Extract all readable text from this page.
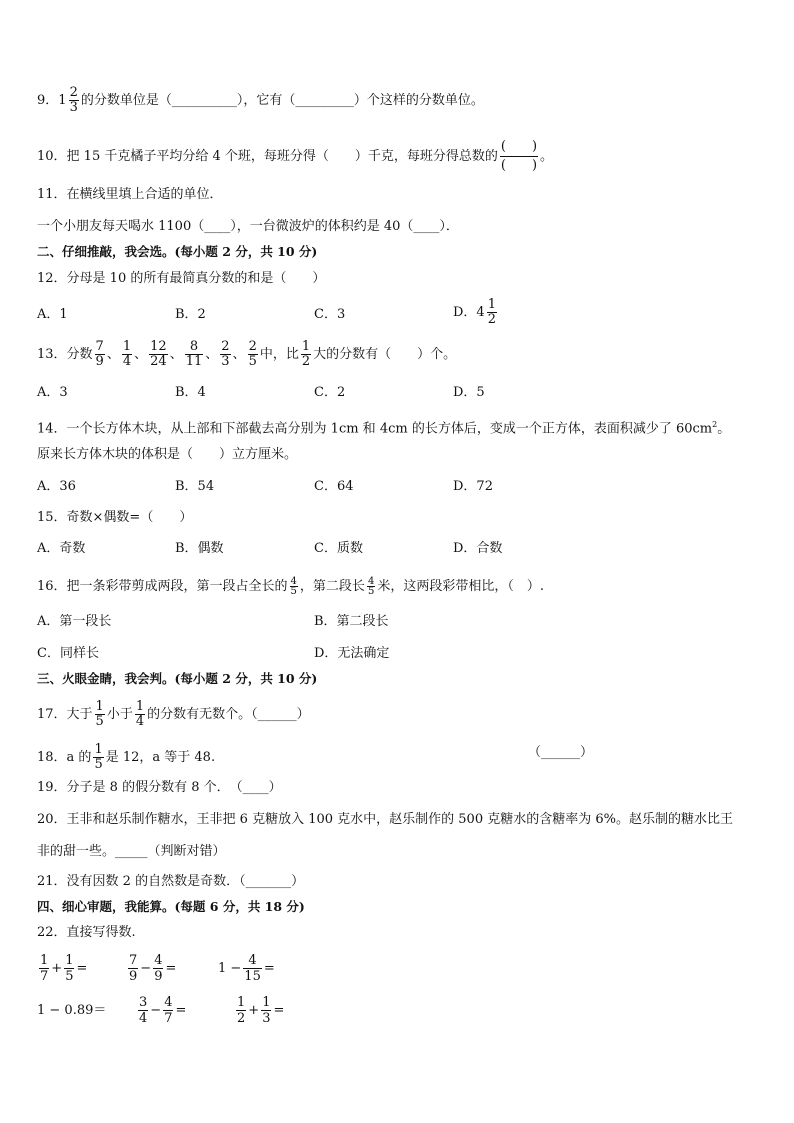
9．$1 \frac{2}{3}$ 的分数单位是（__________），它有（_________）个这样的分数单位。
10．把 15 千克橘子平均分给 4 个班，每班分得（　　）千克，每班分得总数的 $\frac{( )}{( )}$ 。
11．在横线里填上合适的单位．
一个小朋友每天喝水 1100（____），一台微波炉的体积约是 40（____）．
二、仔细推敲，我会选。(每小题 2 分，共 10 分)
12．分母是 10 的所有最简真分数的和是（　　）
A．1	B．2	C．3	D．$4 \frac{1}{2}$
13．分数 $\frac{7}{9}$ 、 $\frac{1}{4}$ 、 $\frac{12}{24}$ 、 $\frac{8}{11}$ 、 $\frac{2}{3}$ 、 $\frac{2}{5}$ 中，比 $\frac{1}{2}$ 大的分数有（　　）个。
A．3	B．4	C．2	D．5
14．一个长方体木块，从上部和下部截去高分别为 1cm 和 4cm 的长方体后，变成一个正方体，表面积减少了 $60cm^2$。
原来长方体木块的体积是（　　）立方厘米。
A．36	B．54	C．64	D．72
15．奇数×偶数=（　　）
A．奇数	B．偶数	C．质数	D．合数
16．把一条彩带剪成两段，第一段占全长的 $\frac{4}{5}$ ，第二段长 $\frac{4}{5}$ 米，这两段彩带相比，（　）.
A．第一段长	B．第二段长
C．同样长	D．无法确定
三、火眼金睛，我会判。(每小题 2 分，共 10 分)
17．大于 $\frac{1}{5}$ 小于 $\frac{1}{4}$ 的分数有无数个。（______）
18．a 的 $\frac{1}{5}$ 是 12，a 等于 48.	（______）
19．分子是 8 的假分数有 8 个．　（____）
20．王非和赵乐制作糖水，王非把 6 克糖放入 100 克水中，赵乐制作的 500 克糖水的含糖率为 6%。赵乐制的糖水比王
非的甜一些。_____（判断对错）
21．没有因数 2 的自然数是奇数．（_______）
四、细心审题，我能算。(每题 6 分，共 18 分)
22．直接写得数.
$\frac{1}{7} + \frac{1}{5}$ =	$\frac{7}{9} - \frac{4}{9}$ =	$1 - \frac{4}{15}$ =
$1 - 0.89= \frac{3}{4} - \frac{4}{7}$ =	$\frac{1}{2} + \frac{1}{3}$ =
